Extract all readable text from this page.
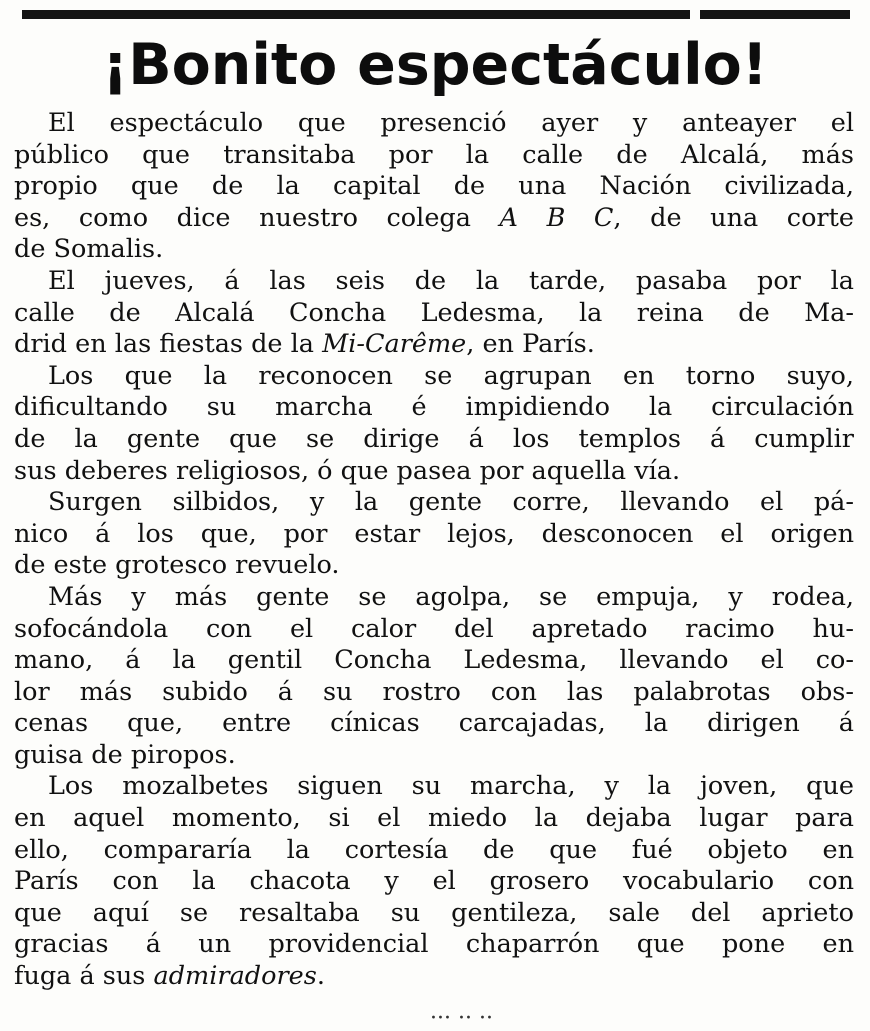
¡Bonito espectáculo!
El espectáculo que presenció ayer y anteayer el
público que transitaba por la calle de Alcalá, más
propio que de la capital de una Nación civilizada,
es, como dice nuestro colega A B C, de una corte
de Somalis.
El jueves, á las seis de la tarde, pasaba por la
calle de Alcalá Concha Ledesma, la reina de Ma-
drid en las fiestas de la Mi-Carême, en París.
Los que la reconocen se agrupan en torno suyo,
dificultando su marcha é impidiendo la circulación
de la gente que se dirige á los templos á cumplir
sus deberes religiosos, ó que pasea por aquella vía.
Surgen silbidos, y la gente corre, llevando el pá-
nico á los que, por estar lejos, desconocen el origen
de este grotesco revuelo.
Más y más gente se agolpa, se empuja, y rodea,
sofocándola con el calor del apretado racimo hu-
mano, á la gentil Concha Ledesma, llevando el co-
lor más subido á su rostro con las palabrotas obs-
cenas que, entre cínicas carcajadas, la dirigen á
guisa de piropos.
Los mozalbetes siguen su marcha, y la joven, que
en aquel momento, si el miedo la dejaba lugar para
ello, compararía la cortesía de que fué objeto en
París con la chacota y el grosero vocabulario con
que aquí se resaltaba su gentileza, sale del aprieto
gracias á un providencial chaparrón que pone en
fuga á sus admiradores.
··· ·· ··
